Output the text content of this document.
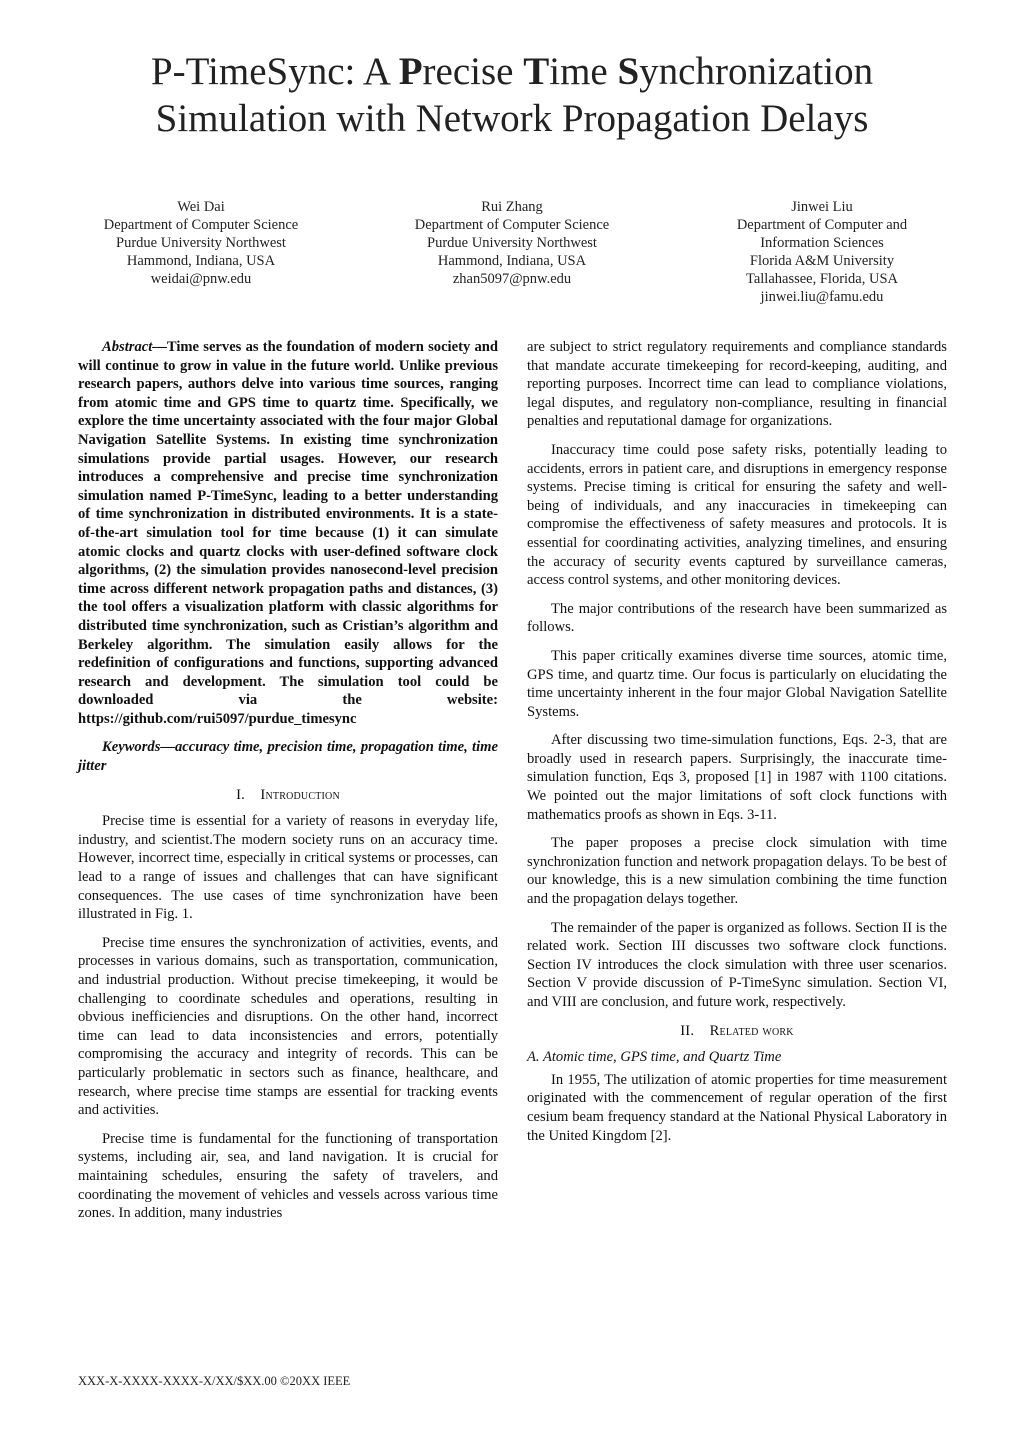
P-TimeSync: A Precise Time Synchronization
Simulation with Network Propagation Delays
Wei Dai
Department of Computer Science
Purdue University Northwest
Hammond, Indiana, USA
weidai@pnw.edu
Rui Zhang
Department of Computer Science
Purdue University Northwest
Hammond, Indiana, USA
zhan5097@pnw.edu
Jinwei Liu
Department of Computer and
Information Sciences
Florida A&M University
Tallahassee, Florida, USA
jinwei.liu@famu.edu

Abstract—Time serves as the foundation of modern society and will continue to grow in value in the future world. Unlike previous research papers, authors delve into various time sources, ranging from atomic time and GPS time to quartz time. Specifically, we explore the time uncertainty associated with the four major Global Navigation Satellite Systems. In existing time synchronization simulations provide partial usages. However, our research introduces a comprehensive and precise time synchronization simulation named P-TimeSync, leading to a better understanding of time synchronization in distributed environments. It is a state-of-the-art simulation tool for time because (1) it can simulate atomic clocks and quartz clocks with user-defined software clock algorithms, (2) the simulation provides nanosecond-level precision time across different network propagation paths and distances, (3) the tool offers a visualization platform with classic algorithms for distributed time synchronization, such as Cristian’s algorithm and Berkeley algorithm. The simulation easily allows for the redefinition of configurations and functions, supporting advanced research and development. The simulation tool could be downloaded via the website: https://github.com/rui5097/purdue_timesync

Keywords—accuracy time, precision time, propagation time, time jitter

I. Introduction

Precise time is essential for a variety of reasons in everyday life, industry, and scientist.The modern society runs on an accuracy time. However, incorrect time, especially in critical systems or processes, can lead to a range of issues and challenges that can have significant consequences. The use cases of time synchronization have been illustrated in Fig. 1.

Precise time ensures the synchronization of activities, events, and processes in various domains, such as transportation, communication, and industrial production. Without precise timekeeping, it would be challenging to coordinate schedules and operations, resulting in obvious inefficiencies and disruptions. On the other hand, incorrect time can lead to data inconsistencies and errors, potentially compromising the accuracy and integrity of records. This can be particularly problematic in sectors such as finance, healthcare, and research, where precise time stamps are essential for tracking events and activities.

Precise time is fundamental for the functioning of transportation systems, including air, sea, and land navigation. It is crucial for maintaining schedules, ensuring the safety of travelers, and coordinating the movement of vehicles and vessels across various time zones. In addition, many industries

are subject to strict regulatory requirements and compliance standards that mandate accurate timekeeping for record-keeping, auditing, and reporting purposes. Incorrect time can lead to compliance violations, legal disputes, and regulatory non-compliance, resulting in financial penalties and reputational damage for organizations.

Inaccuracy time could pose safety risks, potentially leading to accidents, errors in patient care, and disruptions in emergency response systems. Precise timing is critical for ensuring the safety and well-being of individuals, and any inaccuracies in timekeeping can compromise the effectiveness of safety measures and protocols. It is essential for coordinating activities, analyzing timelines, and ensuring the accuracy of security events captured by surveillance cameras, access control systems, and other monitoring devices.

The major contributions of the research have been summarized as follows.

This paper critically examines diverse time sources, atomic time, GPS time, and quartz time. Our focus is particularly on elucidating the time uncertainty inherent in the four major Global Navigation Satellite Systems.

After discussing two time-simulation functions, Eqs. 2-3, that are broadly used in research papers. Surprisingly, the inaccurate time-simulation function, Eqs 3, proposed [1] in 1987 with 1100 citations. We pointed out the major limitations of soft clock functions with mathematics proofs as shown in Eqs. 3-11.

The paper proposes a precise clock simulation with time synchronization function and network propagation delays. To be best of our knowledge, this is a new simulation combining the time function and the propagation delays together.

The remainder of the paper is organized as follows. Section II is the related work. Section III discusses two software clock functions. Section IV introduces the clock simulation with three user scenarios. Section V provide discussion of P-TimeSync simulation. Section VI, and VIII are conclusion, and future work, respectively.

II. Related work
A. Atomic time, GPS time, and Quartz Time

In 1955, The utilization of atomic properties for time measurement originated with the commencement of regular operation of the first cesium beam frequency standard at the National Physical Laboratory in the United Kingdom [2].

XXX-X-XXXX-XXXX-X/XX/$XX.00 ©20XX IEEE
